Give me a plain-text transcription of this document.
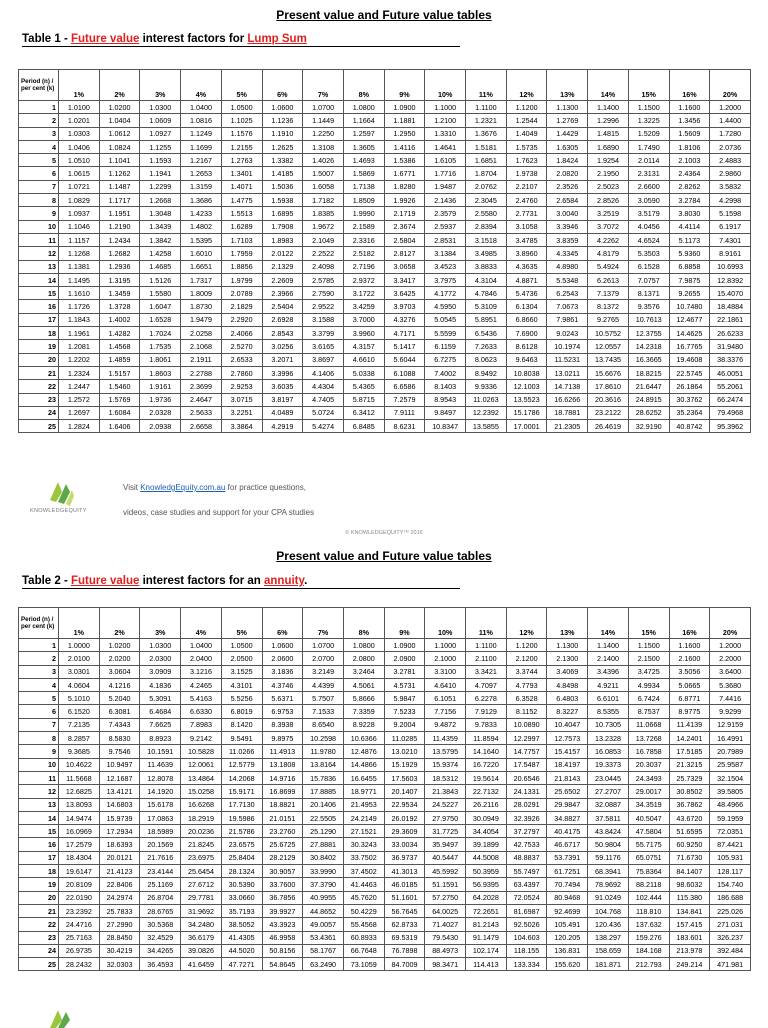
Present value and Future value tables
Table 1 - Future value interest factors for Lump Sum
Period (n) / per cent (k)	1%	2%	3%	4%	5%	6%	7%	8%	9%	10%	11%	12%	13%	14%	15%	16%	20%
1	1.0100	1.0200	1.0300	1.0400	1.0500	1.0600	1.0700	1.0800	1.0900	1.1000	1.1100	1.1200	1.1300	1.1400	1.1500	1.1600	1.2000
2	1.0201	1.0404	1.0609	1.0816	1.1025	1.1236	1.1449	1.1664	1.1881	1.2100	1.2321	1.2544	1.2769	1.2996	1.3225	1.3456	1.4400
3	1.0303	1.0612	1.0927	1.1249	1.1576	1.1910	1.2250	1.2597	1.2950	1.3310	1.3676	1.4049	1.4429	1.4815	1.5209	1.5609	1.7280
4	1.0406	1.0824	1.1255	1.1699	1.2155	1.2625	1.3108	1.3605	1.4116	1.4641	1.5181	1.5735	1.6305	1.6890	1.7490	1.8106	2.0736
5	1.0510	1.1041	1.1593	1.2167	1.2763	1.3382	1.4026	1.4693	1.5386	1.6105	1.6851	1.7623	1.8424	1.9254	2.0114	2.1003	2.4883
6	1.0615	1.1262	1.1941	1.2653	1.3401	1.4185	1.5007	1.5869	1.6771	1.7716	1.8704	1.9738	2.0820	2.1950	2.3131	2.4364	2.9860
7	1.0721	1.1487	1.2299	1.3159	1.4071	1.5036	1.6058	1.7138	1.8280	1.9487	2.0762	2.2107	2.3526	2.5023	2.6600	2.8262	3.5832
8	1.0829	1.1717	1.2668	1.3686	1.4775	1.5938	1.7182	1.8509	1.9926	2.1436	2.3045	2.4760	2.6584	2.8526	3.0590	3.2784	4.2998
9	1.0937	1.1951	1.3048	1.4233	1.5513	1.6895	1.8385	1.9990	2.1719	2.3579	2.5580	2.7731	3.0040	3.2519	3.5179	3.8030	5.1598
10	1.1046	1.2190	1.3439	1.4802	1.6289	1.7908	1.9672	2.1589	2.3674	2.5937	2.8394	3.1058	3.3946	3.7072	4.0456	4.4114	6.1917
11	1.1157	1.2434	1.3842	1.5395	1.7103	1.8983	2.1049	2.3316	2.5804	2.8531	3.1518	3.4785	3.8359	4.2262	4.6524	5.1173	7.4301
12	1.1268	1.2682	1.4258	1.6010	1.7959	2.0122	2.2522	2.5182	2.8127	3.1384	3.4985	3.8960	4.3345	4.8179	5.3503	5.9360	8.9161
13	1.1381	1.2936	1.4685	1.6651	1.8856	2.1329	2.4098	2.7196	3.0658	3.4523	3.8833	4.3635	4.8980	5.4924	6.1528	6.8858	10.6993
14	1.1495	1.3195	1.5126	1.7317	1.9799	2.2609	2.5785	2.9372	3.3417	3.7975	4.3104	4.8871	5.5348	6.2613	7.0757	7.9875	12.8392
15	1.1610	1.3459	1.5580	1.8009	2.0789	2.3966	2.7590	3.1722	3.6425	4.1772	4.7846	5.4736	6.2543	7.1379	8.1371	9.2655	15.4070
16	1.1726	1.3728	1.6047	1.8730	2.1829	2.5404	2.9522	3.4259	3.9703	4.5950	5.3109	6.1304	7.0673	8.1372	9.3576	10.7480	18.4884
17	1.1843	1.4002	1.6528	1.9479	2.2920	2.6928	3.1588	3.7000	4.3276	5.0545	5.8951	6.8660	7.9861	9.2765	10.7613	12.4677	22.1861
18	1.1961	1.4282	1.7024	2.0258	2.4066	2.8543	3.3799	3.9960	4.7171	5.5599	6.5436	7.6900	9.0243	10.5752	12.3755	14.4625	26.6233
19	1.2081	1.4568	1.7535	2.1068	2.5270	3.0256	3.6165	4.3157	5.1417	6.1159	7.2633	8.6128	10.1974	12.0557	14.2318	16.7765	31.9480
20	1.2202	1.4859	1.8061	2.1911	2.6533	3.2071	3.8697	4.6610	5.6044	6.7275	8.0623	9.6463	11.5231	13.7435	16.3665	19.4608	38.3376
21	1.2324	1.5157	1.8603	2.2788	2.7860	3.3996	4.1406	5.0338	6.1088	7.4002	8.9492	10.8038	13.0211	15.6676	18.8215	22.5745	46.0051
22	1.2447	1.5460	1.9161	2.3699	2.9253	3.6035	4.4304	5.4365	6.6586	8.1403	9.9336	12.1003	14.7138	17.8610	21.6447	26.1864	55.2061
23	1.2572	1.5769	1.9736	2.4647	3.0715	3.8197	4.7405	5.8715	7.2579	8.9543	11.0263	13.5523	16.6266	20.3616	24.8915	30.3762	66.2474
24	1.2697	1.6084	2.0328	2.5633	3.2251	4.0489	5.0724	6.3412	7.9111	9.8497	12.2392	15.1786	18.7881	23.2122	28.6252	35.2364	79.4968
25	1.2824	1.6406	2.0938	2.6658	3.3864	4.2919	5.4274	6.8485	8.6231	10.8347	13.5855	17.0001	21.2305	26.4619	32.9190	40.8742	95.3962
KNOWLEDGEQUITY
Visit KnowledgEquity.com.au for practice questions,
videos, case studies and support for your CPA studies
© KNOWLEDGEQUITY™ 2016
Present value and Future value tables
Table 2 - Future value interest factors for an annuity.
Period (n) / per cent (k)	1%	2%	3%	4%	5%	6%	7%	8%	9%	10%	11%	12%	13%	14%	15%	16%	20%
1	1.0000	1.0200	1.0300	1.0400	1.0500	1.0600	1.0700	1.0800	1.0900	1.1000	1.1100	1.1200	1.1300	1.1400	1.1500	1.1600	1.2000
2	2.0100	2.0200	2.0300	2.0400	2.0500	2.0600	2.0700	2.0800	2.0900	2.1000	2.1100	2.1200	2.1300	2.1400	2.1500	2.1600	2.2000
3	3.0301	3.0604	3.0909	3.1216	3.1525	3.1836	3.2149	3.2464	3.2781	3.3100	3.3421	3.3744	3.4069	3.4396	3.4725	3.5056	3.6400
4	4.0604	4.1216	4.1836	4.2465	4.3101	4.3746	4.4399	4.5061	4.5731	4.6410	4.7097	4.7793	4.8498	4.9211	4.9934	5.0665	5.3680
5	5.1010	5.2040	5.3091	5.4163	5.5256	5.6371	5.7507	5.8666	5.9847	6.1051	6.2278	6.3528	6.4803	6.6101	6.7424	6.8771	7.4416
6	6.1520	6.3081	6.4684	6.6330	6.8019	6.9753	7.1533	7.3359	7.5233	7.7156	7.9129	8.1152	8.3227	8.5355	8.7537	8.9775	9.9299
7	7.2135	7.4343	7.6625	7.8983	8.1420	8.3938	8.6540	8.9228	9.2004	9.4872	9.7833	10.0890	10.4047	10.7305	11.0668	11.4139	12.9159
8	8.2857	8.5830	8.8923	9.2142	9.5491	9.8975	10.2598	10.6366	11.0285	11.4359	11.8594	12.2997	12.7573	13.2328	13.7268	14.2401	16.4991
9	9.3685	9.7546	10.1591	10.5828	11.0266	11.4913	11.9780	12.4876	13.0210	13.5795	14.1640	14.7757	15.4157	16.0853	16.7858	17.5185	20.7989
10	10.4622	10.9497	11.4639	12.0061	12.5779	13.1808	13.8164	14.4866	15.1929	15.9374	16.7220	17.5487	18.4197	19.3373	20.3037	21.3215	25.9587
11	11.5668	12.1687	12.8078	13.4864	14.2068	14.9716	15.7836	16.6455	17.5603	18.5312	19.5614	20.6546	21.8143	23.0445	24.3493	25.7329	32.1504
12	12.6825	13.4121	14.1920	15.0258	15.9171	16.8699	17.8885	18.9771	20.1407	21.3843	22.7132	24.1331	25.6502	27.2707	29.0017	30.8502	39.5805
13	13.8093	14.6803	15.6178	16.6268	17.7130	18.8821	20.1406	21.4953	22.9534	24.5227	26.2116	28.0291	29.9847	32.0887	34.3519	36.7862	48.4966
14	14.9474	15.9739	17.0863	18.2919	19.5986	21.0151	22.5505	24.2149	26.0192	27.9750	30.0949	32.3926	34.8827	37.5811	40.5047	43.6720	59.1959
15	16.0969	17.2934	18.5989	20.0236	21.5786	23.2760	25.1290	27.1521	29.3609	31.7725	34.4054	37.2797	40.4175	43.8424	47.5804	51.6595	72.0351
16	17.2579	18.6393	20.1569	21.8245	23.6575	25.6725	27.8881	30.3243	33.0034	35.9497	39.1899	42.7533	46.6717	50.9804	55.7175	60.9250	87.4421
17	18.4304	20.0121	21.7616	23.6975	25.8404	28.2129	30.8402	33.7502	36.9737	40.5447	44.5008	48.8837	53.7391	59.1176	65.0751	71.6730	105.931
18	19.6147	21.4123	23.4144	25.6454	28.1324	30.9057	33.9990	37.4502	41.3013	45.5992	50.3959	55.7497	61.7251	68.3941	75.8364	84.1407	128.117
19	20.8109	22.8406	25.1169	27.6712	30.5390	33.7600	37.3790	41.4463	46.0185	51.1591	56.9395	63.4397	70.7494	78.9692	88.2118	98.6032	154.740
20	22.0190	24.2974	26.8704	29.7781	33.0660	36.7856	40.9955	45.7620	51.1601	57.2750	64.2028	72.0524	80.9468	91.0249	102.444	115.380	186.688
21	23.2392	25.7833	28.6765	31.9692	35.7193	39.9927	44.8652	50.4229	56.7645	64.0025	72.2651	81.6987	92.4699	104.768	118.810	134.841	225.026
22	24.4716	27.2990	30.5368	34.2480	38.5052	43.3923	49.0057	55.4568	62.8733	71.4027	81.2143	92.5026	105.491	120.436	137.632	157.415	271.031
23	25.7163	28.8450	32.4529	36.6179	41.4305	46.9958	53.4361	60.8933	69.5319	79.5430	91.1479	104.603	120.205	138.297	159.276	183.601	326.237
24	26.9735	30.4219	34.4265	39.0826	44.5020	50.8156	58.1767	66.7648	76.7898	88.4973	102.174	118.155	136.831	158.659	184.168	213.978	392.484
25	28.2432	32.0303	36.4593	41.6459	47.7271	54.8645	63.2490	73.1059	84.7009	98.3471	114.413	133.334	155.620	181.871	212.793	249.214	471.981
